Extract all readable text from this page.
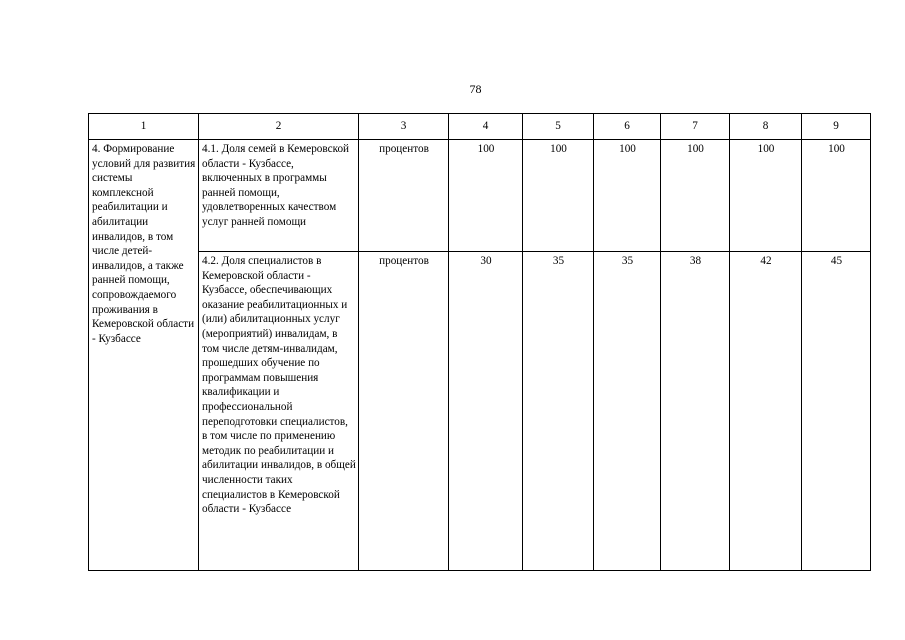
78
1	2	3	4	5	6	7	8	9
4. Формирование условий для развития системы комплексной реабилитации и абилитации инвалидов, в том числе детей-инвалидов, а также ранней помощи, сопровождаемого проживания в Кемеровской области - Кузбассе	4.1. Доля семей в Кемеровской области - Кузбассе, включенных в программы ранней помощи, удовлетворенных качеством услуг ранней помощи	процентов	100	100	100	100	100	100
	4.2. Доля специалистов в Кемеровской области - Кузбассе, обеспечивающих оказание реабилитационных и (или) абилитационных услуг (мероприятий) инвалидам, в том числе детям-инвалидам, прошедших обучение по программам повышения квалификации и профессиональной переподготовки специалистов, в том числе по применению методик по реабилитации и абилитации инвалидов, в общей численности таких специалистов в Кемеровской области - Кузбассе	процентов	30	35	35	38	42	45
